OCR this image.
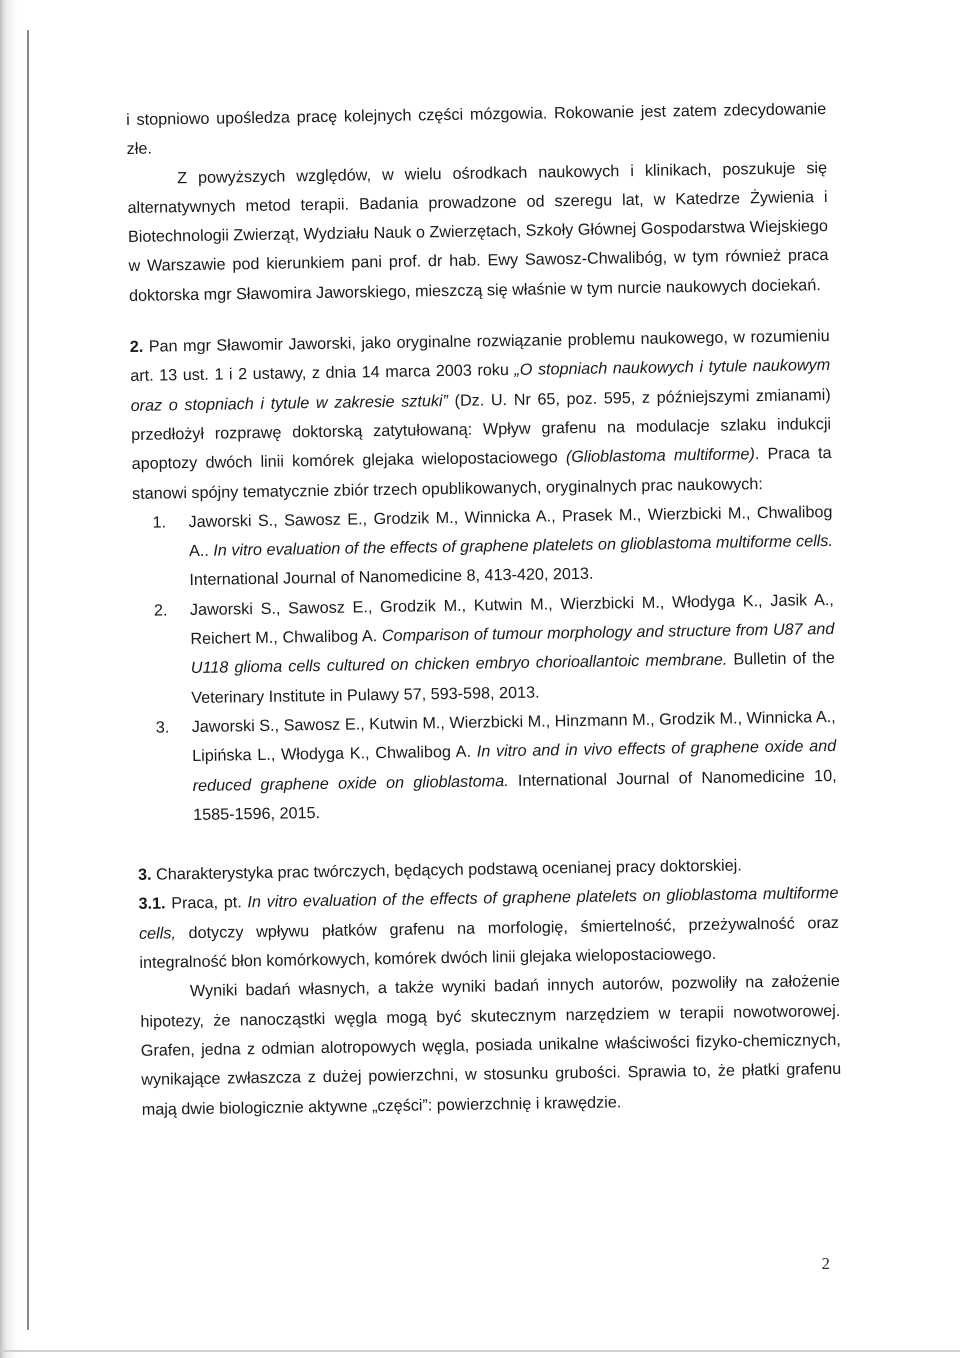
i stopniowo upośledza pracę kolejnych części mózgowia. Rokowanie jest zatem zdecydowanie złe.

Z powyższych względów, w wielu ośrodkach naukowych i klinikach, poszukuje się alternatywnych metod terapii. Badania prowadzone od szeregu lat, w Katedrze Żywienia i Biotechnologii Zwierząt, Wydziału Nauk o Zwierzętach, Szkoły Głównej Gospodarstwa Wiejskiego w Warszawie pod kierunkiem pani prof. dr hab. Ewy Sawosz-Chwalibóg, w tym również praca doktorska mgr Sławomira Jaworskiego, mieszczą się właśnie w tym nurcie naukowych dociekań.

2. Pan mgr Sławomir Jaworski, jako oryginalne rozwiązanie problemu naukowego, w rozumieniu art. 13 ust. 1 i 2 ustawy, z dnia 14 marca 2003 roku „O stopniach naukowych i tytule naukowym oraz o stopniach i tytule w zakresie sztuki” (Dz. U. Nr 65, poz. 595, z późniejszymi zmianami) przedłożył rozprawę doktorską zatytułowaną: Wpływ grafenu na modulacje szlaku indukcji apoptozy dwóch linii komórek glejaka wielopostaciowego (Glioblastoma multiforme). Praca ta stanowi spójny tematycznie zbiór trzech opublikowanych, oryginalnych prac naukowych:

1. Jaworski S., Sawosz E., Grodzik M., Winnicka A., Prasek M., Wierzbicki M., Chwalibog A.. In vitro evaluation of the effects of graphene platelets on glioblastoma multiforme cells. International Journal of Nanomedicine 8, 413-420, 2013.
2. Jaworski S., Sawosz E., Grodzik M., Kutwin M., Wierzbicki M., Włodyga K., Jasik A., Reichert M., Chwalibog A. Comparison of tumour morphology and structure from U87 and U118 glioma cells cultured on chicken embryo chorioallantoic membrane. Bulletin of the Veterinary Institute in Pulawy 57, 593-598, 2013.
3. Jaworski S., Sawosz E., Kutwin M., Wierzbicki M., Hinzmann M., Grodzik M., Winnicka A., Lipińska L., Włodyga K., Chwalibog A. In vitro and in vivo effects of graphene oxide and reduced graphene oxide on glioblastoma. International Journal of Nanomedicine 10, 1585-1596, 2015.

3. Charakterystyka prac twórczych, będących podstawą ocenianej pracy doktorskiej.

3.1. Praca, pt. In vitro evaluation of the effects of graphene platelets on glioblastoma multiforme cells, dotyczy wpływu płatków grafenu na morfologię, śmiertelność, przeżywalność oraz integralność błon komórkowych, komórek dwóch linii glejaka wielopostaciowego.

Wyniki badań własnych, a także wyniki badań innych autorów, pozwoliły na założenie hipotezy, że nanocząstki węgla mogą być skutecznym narzędziem w terapii nowotworowej. Grafen, jedna z odmian alotropowych węgla, posiada unikalne właściwości fizyko-chemicznych, wynikające zwłaszcza z dużej powierzchni, w stosunku grubości. Sprawia to, że płatki grafenu mają dwie biologicznie aktywne „części”: powierzchnię i krawędzie.

2
